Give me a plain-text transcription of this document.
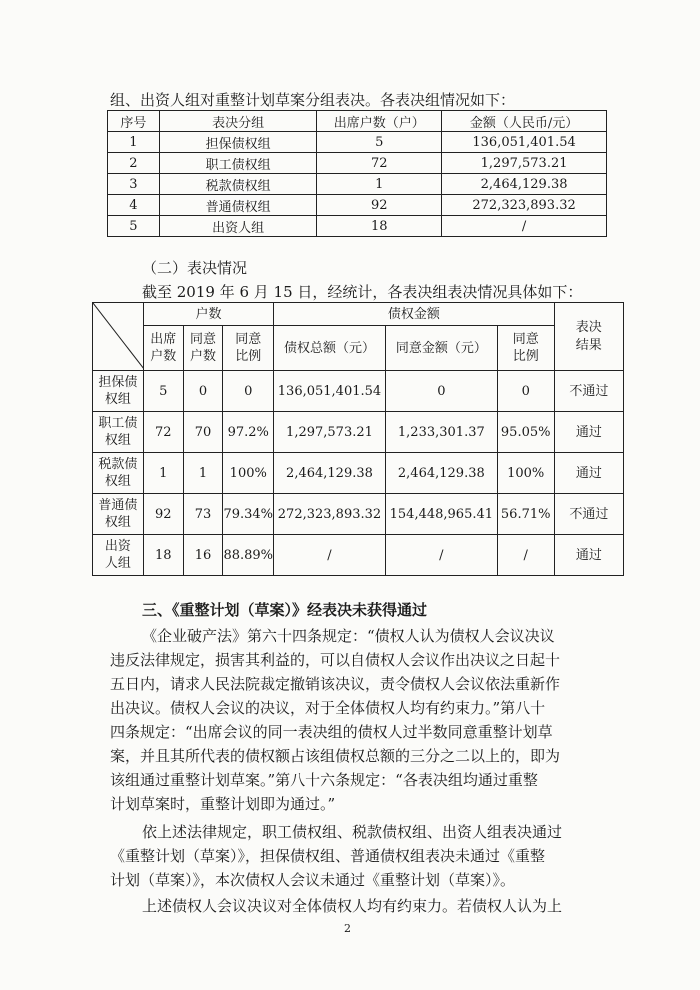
组、出资人组对重整计划草案分组表决。各表决组情况如下：
序号	表决分组	出席户数（户）	金额（人民币/元）
1	担保债权组	5	136,051,401.54
2	职工债权组	72	1,297,573.21
3	税款债权组	1	2,464,129.38
4	普通债权组	92	272,323,893.32
5	出资人组	18	/
（二）表决情况
截至 2019 年 6 月 15 日，经统计，各表决组表决情况具体如下：
	户数			债权金额			表决结果

	出席户数	同意户数	同意比例	债权总额（元）	同意金额（元）	同意比例	

担保债权组	5	0	0	136,051,401.54	0	0	不通过

职工债权组	72	70	97.2%	1,297,573.21	1,233,301.37	95.05%	通过

税款债权组	1	1	100%	2,464,129.38	2,464,129.38	100%	通过

普通债权组	92	73	79.34%	272,323,893.32	154,448,965.41	56.71%	不通过

出资人组	18	16	88.89%	/	/	/	通过
三、《重整计划（草案）》经表决未获得通过
《企业破产法》第六十四条规定：“债权人认为债权人会议决议
违反法律规定，损害其利益的，可以自债权人会议作出决议之日起十
五日内，请求人民法院裁定撤销该决议，责令债权人会议依法重新作
出决议。债权人会议的决议，对于全体债权人均有约束力。”第八十
四条规定：“出席会议的同一表决组的债权人过半数同意重整计划草
案，并且其所代表的债权额占该组债权总额的三分之二以上的，即为
该组通过重整计划草案。”第八十六条规定：“各表决组均通过重整
计划草案时，重整计划即为通过。”
依上述法律规定，职工债权组、税款债权组、出资人组表决通过
《重整计划（草案）》，担保债权组、普通债权组表决未通过《重整
计划（草案）》，本次债权人会议未通过《重整计划（草案）》。
上述债权人会议决议对全体债权人均有约束力。若债权人认为上
2
